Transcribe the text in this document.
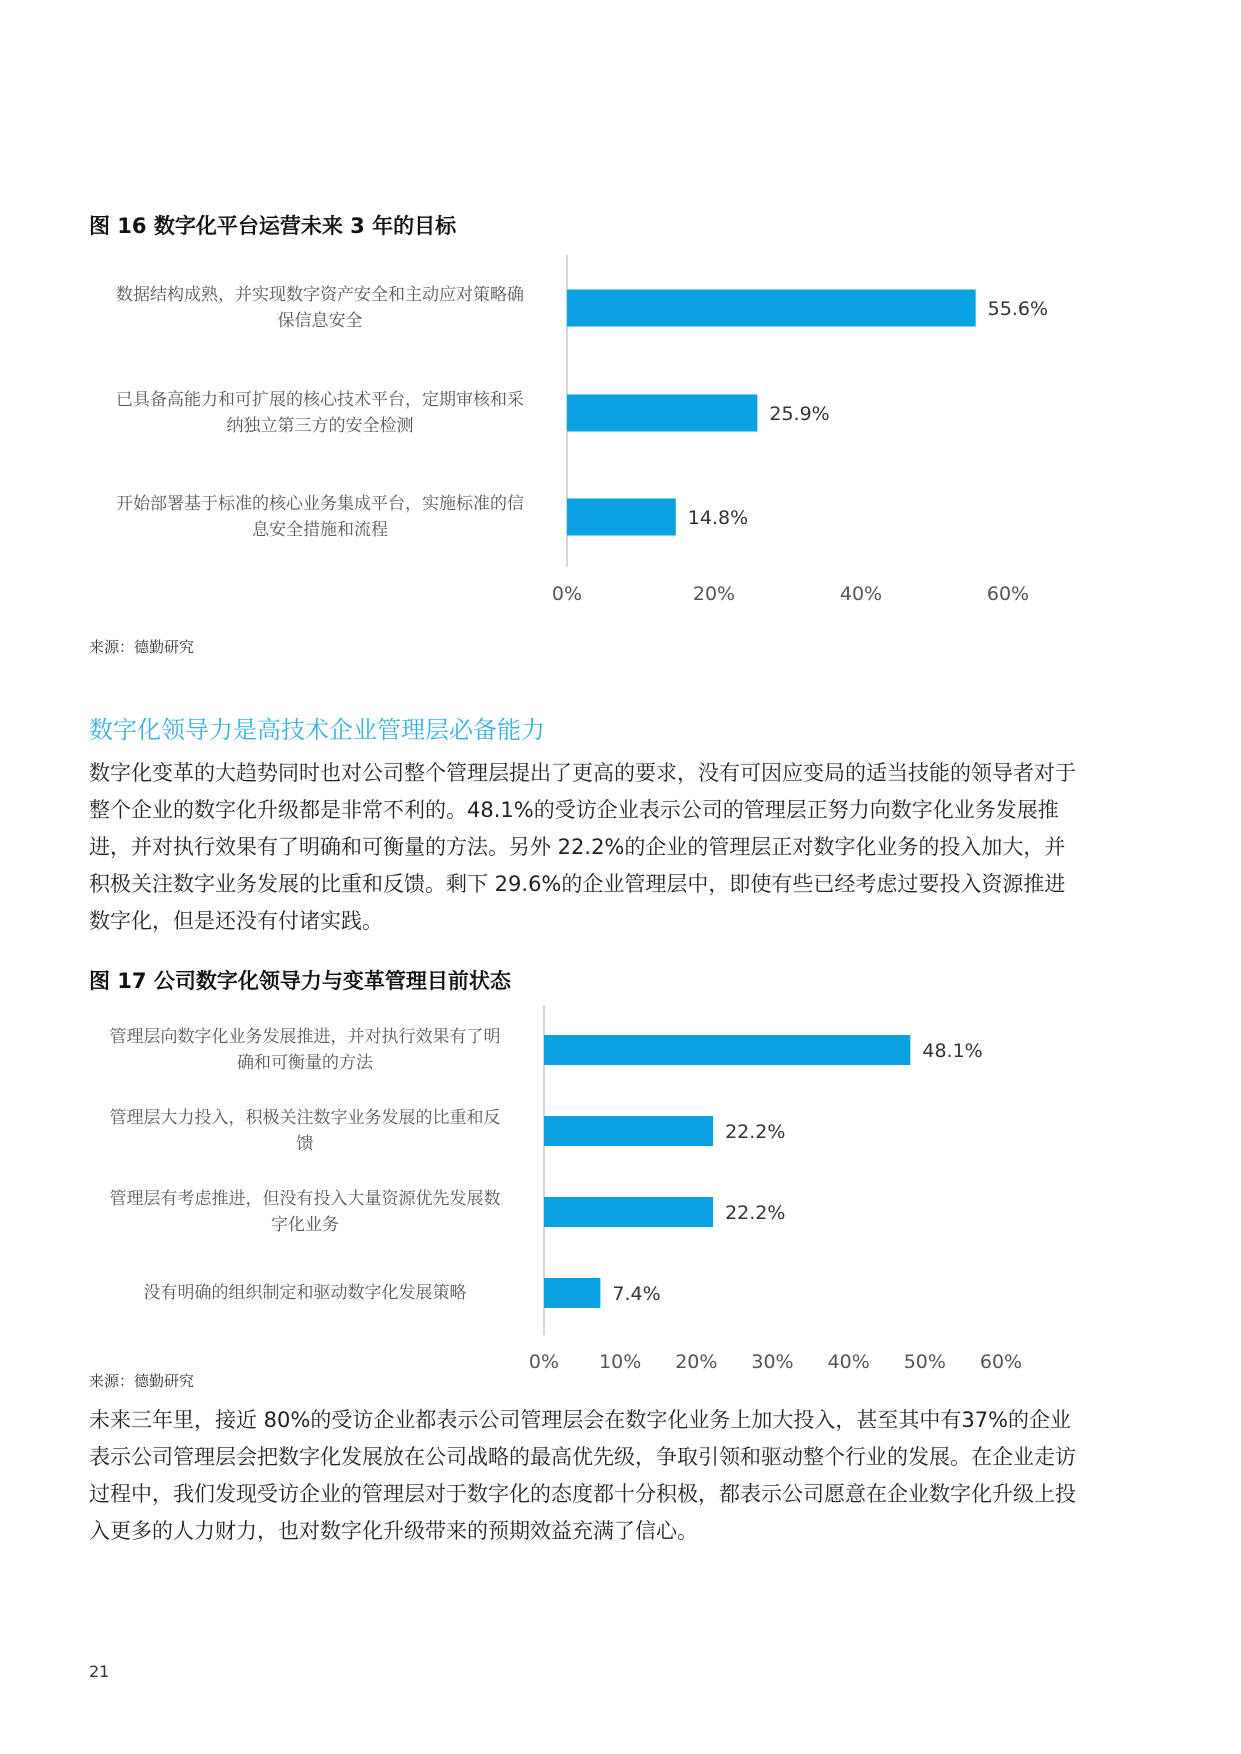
图 16 数字化平台运营未来 3 年的目标
55.6%
25.9%
14.8%
0%	20%	40%	60%
数据结构成熟，并实现数字资产安全和主动应对策略确
保信息安全
已具备高能力和可扩展的核心技术平台，定期审核和采
纳独立第三方的安全检测
开始部署基于标准的核心业务集成平台，实施标准的信
息安全措施和流程
来源：德勤研究
数字化领导力是高技术企业管理层必备能力

数字化变革的大趋势同时也对公司整个管理层提出了更高的要求，没有可因应变局的适当技能的领导者对于整个企业的数字化升级都是非常不利的。48.1%的受访企业表示公司的管理层正努力向数字化业务发展推进，并对执行效果有了明确和可衡量的方法。另外 22.2%的企业的管理层正对数字化业务的投入加大，并积极关注数字业务发展的比重和反馈。剩下 29.6%的企业管理层中，即使有些已经考虑过要投入资源推进数字化，但是还没有付诸实践。

图 17 公司数字化领导力与变革管理目前状态
48.1%
22.2%
22.2%
7.4%
0% 10% 20% 30% 40% 50% 60%
管理层向数字化业务发展推进，并对执行效果有了明
确和可衡量的方法
管理层大力投入，积极关注数字业务发展的比重和反
馈
管理层有考虑推进，但没有投入大量资源优先发展数
字化业务
没有明确的组织制定和驱动数字化发展策略
来源：德勤研究

未来三年里，接近 80%的受访企业都表示公司管理层会在数字化业务上加大投入，甚至其中有37%的企业表示公司管理层会把数字化发展放在公司战略的最高优先级，争取引领和驱动整个行业的发展。在企业走访过程中，我们发现受访企业的管理层对于数字化的态度都十分积极，都表示公司愿意在企业数字化升级上投入更多的人力财力，也对数字化升级带来的预期效益充满了信心。

21
